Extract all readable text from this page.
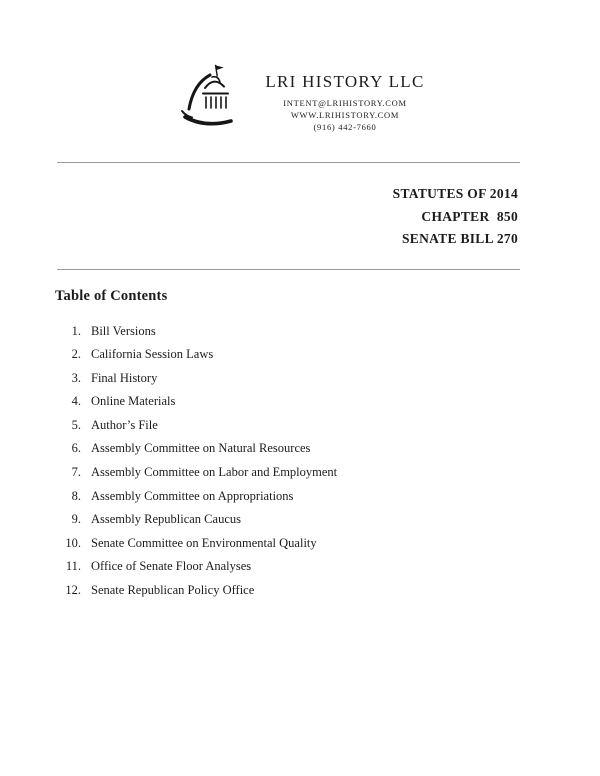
LRI HISTORY LLC
INTENT@LRIHISTORY.COM
WWW.LRIHISTORY.COM
(916) 442-7660
STATUTES OF 2014
CHAPTER  850
SENATE BILL 270
Table of Contents
1. Bill Versions
2. California Session Laws
3. Final History
4. Online Materials
5. Author’s File
6. Assembly Committee on Natural Resources
7. Assembly Committee on Labor and Employment
8. Assembly Committee on Appropriations
9. Assembly Republican Caucus
10. Senate Committee on Environmental Quality
11. Office of Senate Floor Analyses
12. Senate Republican Policy Office
